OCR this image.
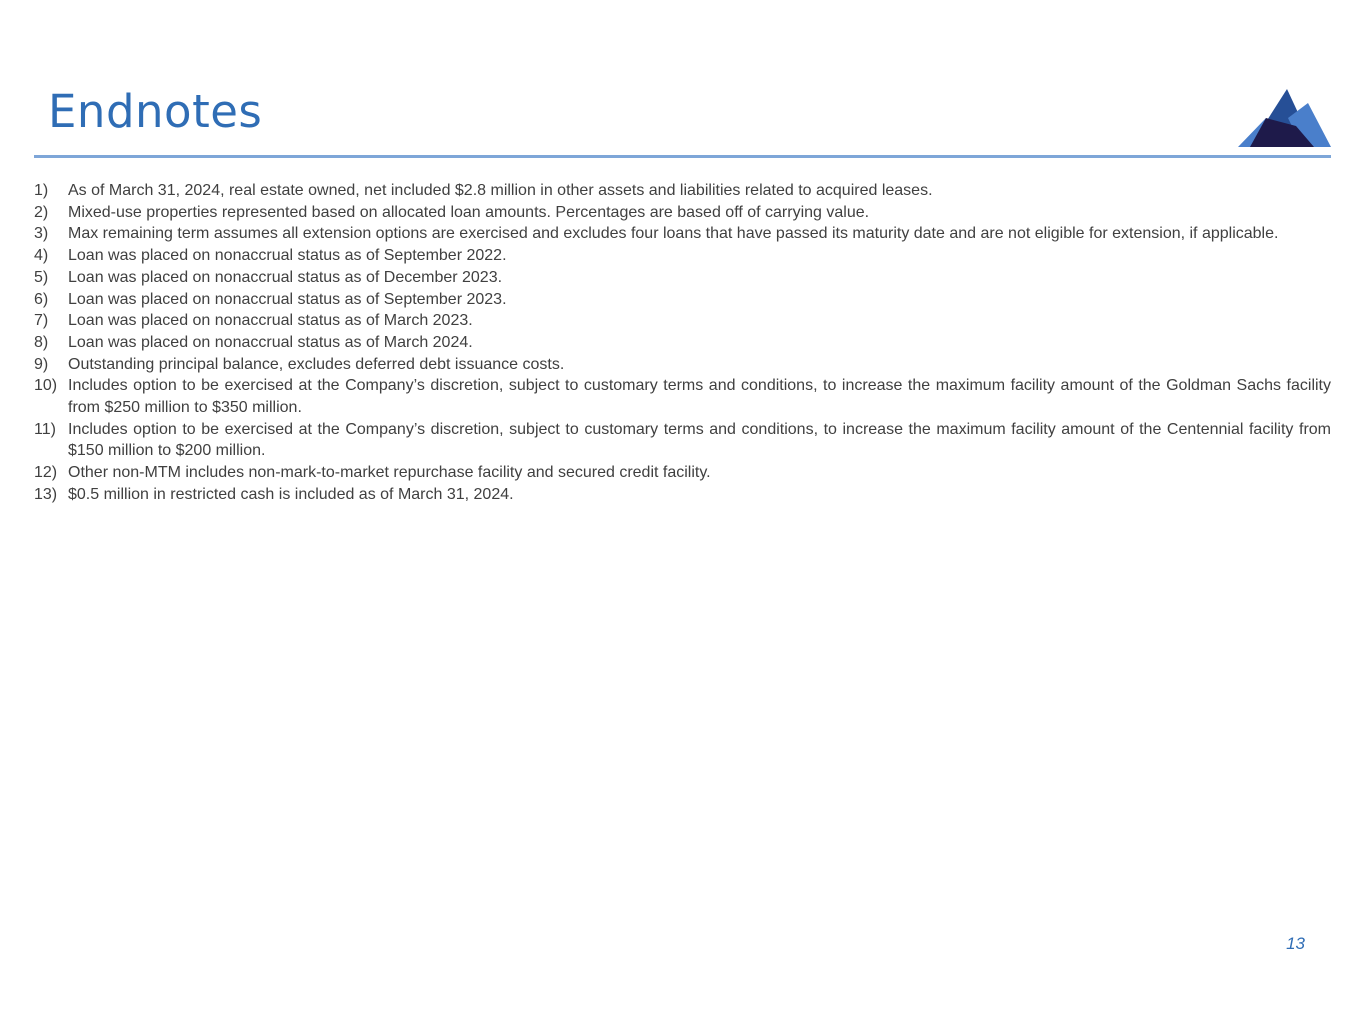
Endnotes
1)	As of March 31, 2024, real estate owned, net included $2.8 million in other assets and liabilities related to acquired leases.
2)	Mixed-use properties represented based on allocated loan amounts. Percentages are based off of carrying value.
3)	Max remaining term assumes all extension options are exercised and excludes four loans that have passed its maturity date and are not eligible for extension, if applicable.
4)	Loan was placed on nonaccrual status as of September 2022.
5)	Loan was placed on nonaccrual status as of December 2023.
6)	Loan was placed on nonaccrual status as of September 2023.
7)	Loan was placed on nonaccrual status as of March 2023.
8)	Loan was placed on nonaccrual status as of March 2024.
9)	Outstanding principal balance, excludes deferred debt issuance costs.
10) Includes option to be exercised at the Company’s discretion, subject to customary terms and conditions, to increase the maximum facility amount of the Goldman Sachs facility from $250 million to $350 million.
11) Includes option to be exercised at the Company’s discretion, subject to customary terms and conditions, to increase the maximum facility amount of the Centennial facility from $150 million to $200 million.
12) Other non-MTM includes non-mark-to-market repurchase facility and secured credit facility.
13) $0.5 million in restricted cash is included as of March 31, 2024.
13
